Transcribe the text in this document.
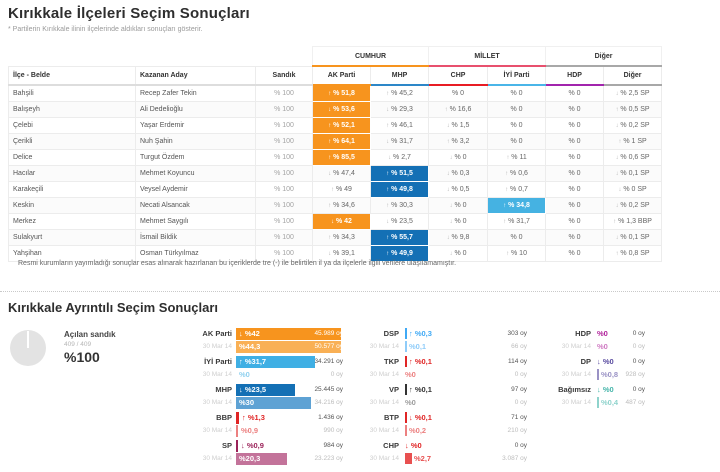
Kırıkkale İlçeleri Seçim Sonuçları
* Partilerin Kırıkkale ilinin ilçelerinde aldıkları sonuçları gösterir.
			CUMHUR		MİLLET		Diğer	
İlçe - Belde	Kazanan Aday	Sandık	AK Parti	MHP	CHP	İYİ Parti	HDP	Diğer
Bahşili	Recep Zafer Tekin	% 100	↑ % 51,8	↑ % 45,2	% 0	% 0	% 0	↓ % 2,5 SP
Balışeyh	Ali Dedelioğlu	% 100	↓ % 53,6	↓ % 29,3	↑ % 16,6	% 0	% 0	↑ % 0,5 SP
Çelebi	Yaşar Erdemir	% 100	↑ % 52,1	↑ % 46,1	↓ % 1,5	% 0	% 0	↓ % 0,2 SP
Çerikli	Nuh Şahin	% 100	↑ % 64,1	↓ % 31,7	↑ % 3,2	% 0	% 0	↑ % 1 SP
Delice	Turgut Özdem	% 100	↑ % 85,5	↓ % 2,7	↓ % 0	↑ % 11	% 0	↓ % 0,6 SP
Hacılar	Mehmet Koyuncu	% 100	↓ % 47,4	↑ % 51,5	↓ % 0,3	↑ % 0,6	% 0	↓ % 0,1 SP
Karakeçili	Veysel Aydemir	% 100	↑ % 49	↑ % 49,8	↓ % 0,5	↑ % 0,7	% 0	↓ % 0 SP
Keskin	Necati Alsancak	% 100	↑ % 34,6	↑ % 30,3	↓ % 0	↑ % 34,8	% 0	↓ % 0,2 SP
Merkez	Mehmet Saygılı	% 100	↓ % 42	↓ % 23,5	↓ % 0	↑ % 31,7	% 0	↑ % 1,3 BBP
Sulakyurt	İsmail Bildik	% 100	↑ % 34,3	↑ % 55,7	↓ % 9,8	% 0	% 0	↓ % 0,1 SP
Yahşihan	Osman Türkyılmaz	% 100	↓ % 39,1	↑ % 49,9	↓ % 0	↑ % 10	% 0	↑ % 0,8 SP
Resmi kurumların yayımladığı sonuçlar esas alınarak hazırlanan bu içeriklerde tre (-) ile belirtilen il ya da ilçelerle ilgili verilere ulaşılamamıştır.
Kırıkkale Ayrıntılı Seçim Sonuçları
Açılan sandık
409 / 409
%100
AK Parti ↓ %42	45.989 oy
30 Mar 14 %44,3	50.577 oy
İYİ Parti ↑ %31,7	34.291 oy
30 Mar 14 %0	0 oy
MHP ↓ %23,5	25.445 oy
30 Mar 14 %30	34.216 oy
BBP ↑ %1,3	1.436 oy
30 Mar 14 %0,9	990 oy
SP ↓ %0,9	984 oy
30 Mar 14 %20,3	23.223 oy
DSP ↑ %0,3	303 oy
30 Mar 14 %0,1	66 oy
TKP ↑ %0,1	114 oy
30 Mar 14 %0	0 oy
VP ↑ %0,1	97 oy
30 Mar 14 %0	0 oy
BTP ↓ %0,1	71 oy
30 Mar 14 %0,2	210 oy
CHP ↓ %0	0 oy
30 Mar 14 %2,7	3.087 oy
HDP %0	0 oy
30 Mar 14 %0	0 oy
DP ↓ %0	0 oy
30 Mar 14 %0,8 928 oy
Bağımsız ↓ %0	0 oy
30 Mar 14 %0,4 487 oy
